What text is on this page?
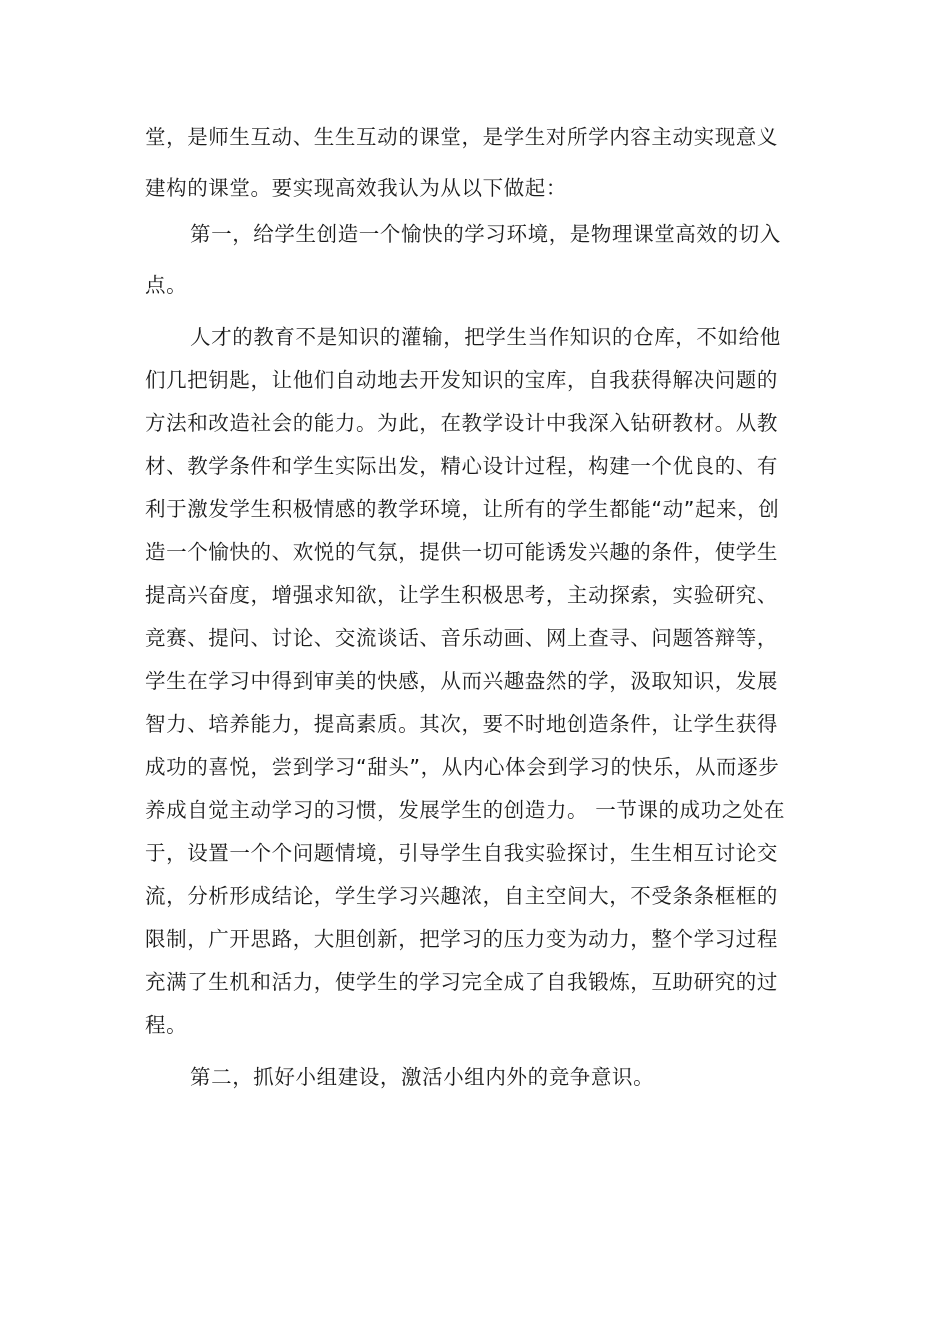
堂，是师生互动、生生互动的课堂，是学生对所学内容主动实现意义
建构的课堂。要实现高效我认为从以下做起：
第一，给学生创造一个愉快的学习环境，是物理课堂高效的切入
点。
人才的教育不是知识的灌输，把学生当作知识的仓库，不如给他
们几把钥匙，让他们自动地去开发知识的宝库，自我获得解决问题的
方法和改造社会的能力。为此，在教学设计中我深入钻研教材。从教
材、教学条件和学生实际出发，精心设计过程，构建一个优良的、有
利于激发学生积极情感的教学环境，让所有的学生都能“动”起来，创
造一个愉快的、欢悦的气氛，提供一切可能诱发兴趣的条件，使学生
提高兴奋度，增强求知欲，让学生积极思考，主动探索，实验研究、
竞赛、提问、讨论、交流谈话、音乐动画、网上查寻、问题答辩等，
学生在学习中得到审美的快感，从而兴趣盎然的学，汲取知识，发展
智力、培养能力，提高素质。其次，要不时地创造条件，让学生获得
成功的喜悦，尝到学习“甜头”，从内心体会到学习的快乐，从而逐步
养成自觉主动学习的习惯，发展学生的创造力。 一节课的成功之处在
于，设置一个个问题情境，引导学生自我实验探讨，生生相互讨论交
流，分析形成结论，学生学习兴趣浓，自主空间大，不受条条框框的
限制，广开思路，大胆创新，把学习的压力变为动力，整个学习过程
充满了生机和活力，使学生的学习完全成了自我锻炼，互助研究的过
程。
第二，抓好小组建设，激活小组内外的竞争意识。
